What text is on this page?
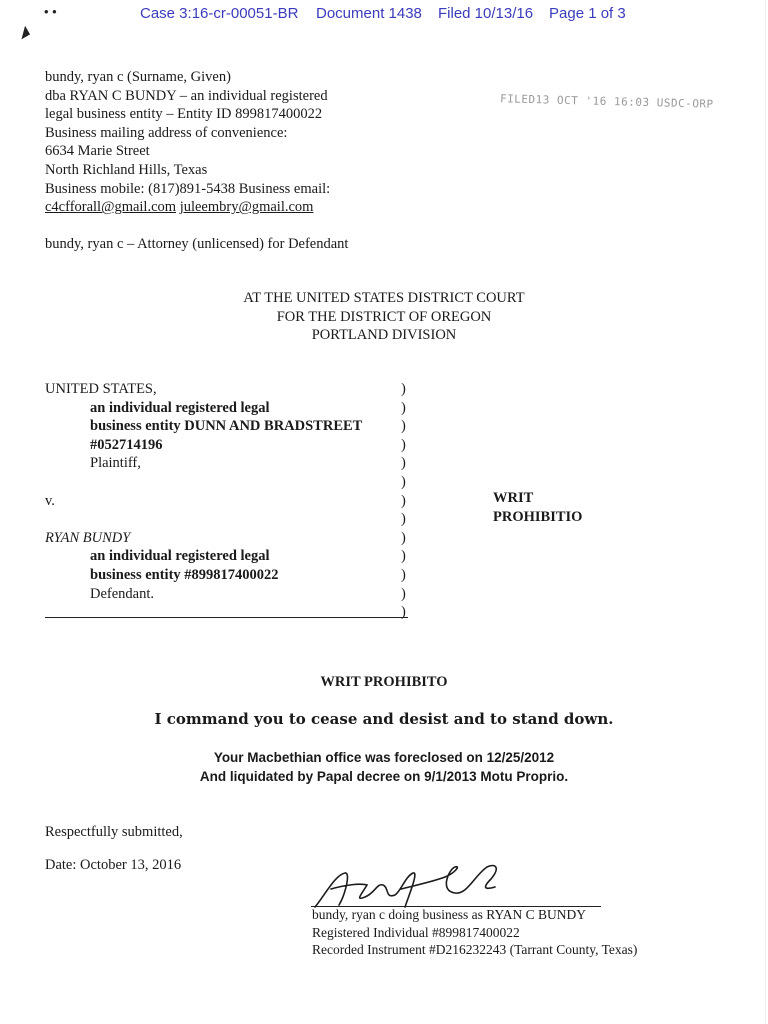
Case 3:16-cr-00051-BR Document 1438 Filed 10/13/16 Page 1 of 3
• •
◢
FILED13 OCT '16 16:03 USDC-ORP
bundy, ryan c (Surname, Given)
dba RYAN C BUNDY – an individual registered
legal business entity – Entity ID 899817400022
Business mailing address of convenience:
6634 Marie Street
North Richland Hills, Texas
Business mobile: (817)891-5438 Business email:
c4cfforall@gmail.com juleembry@gmail.com
bundy, ryan c – Attorney (unlicensed) for Defendant
AT THE UNITED STATES DISTRICT COURT
FOR THE DISTRICT OF OREGON
PORTLAND DIVISION
UNITED STATES,
an individual registered legal
business entity DUNN AND BRADSTREET
#052714196
Plaintiff,
v.
RYAN BUNDY
an individual registered legal
business entity #899817400022
Defendant.
)
)
)
)
)
)
)
)
)
)
)
)
)
WRIT
PROHIBITIO
WRIT PROHIBITO
I command you to cease and desist and to stand down.
Your Macbethian office was foreclosed on 12/25/2012
And liquidated by Papal decree on 9/1/2013 Motu Proprio.
Respectfully submitted,
Date: October 13, 2016
bundy, ryan c doing business as RYAN C BUNDY
Registered Individual #899817400022
Recorded Instrument #D216232243 (Tarrant County, Texas)
